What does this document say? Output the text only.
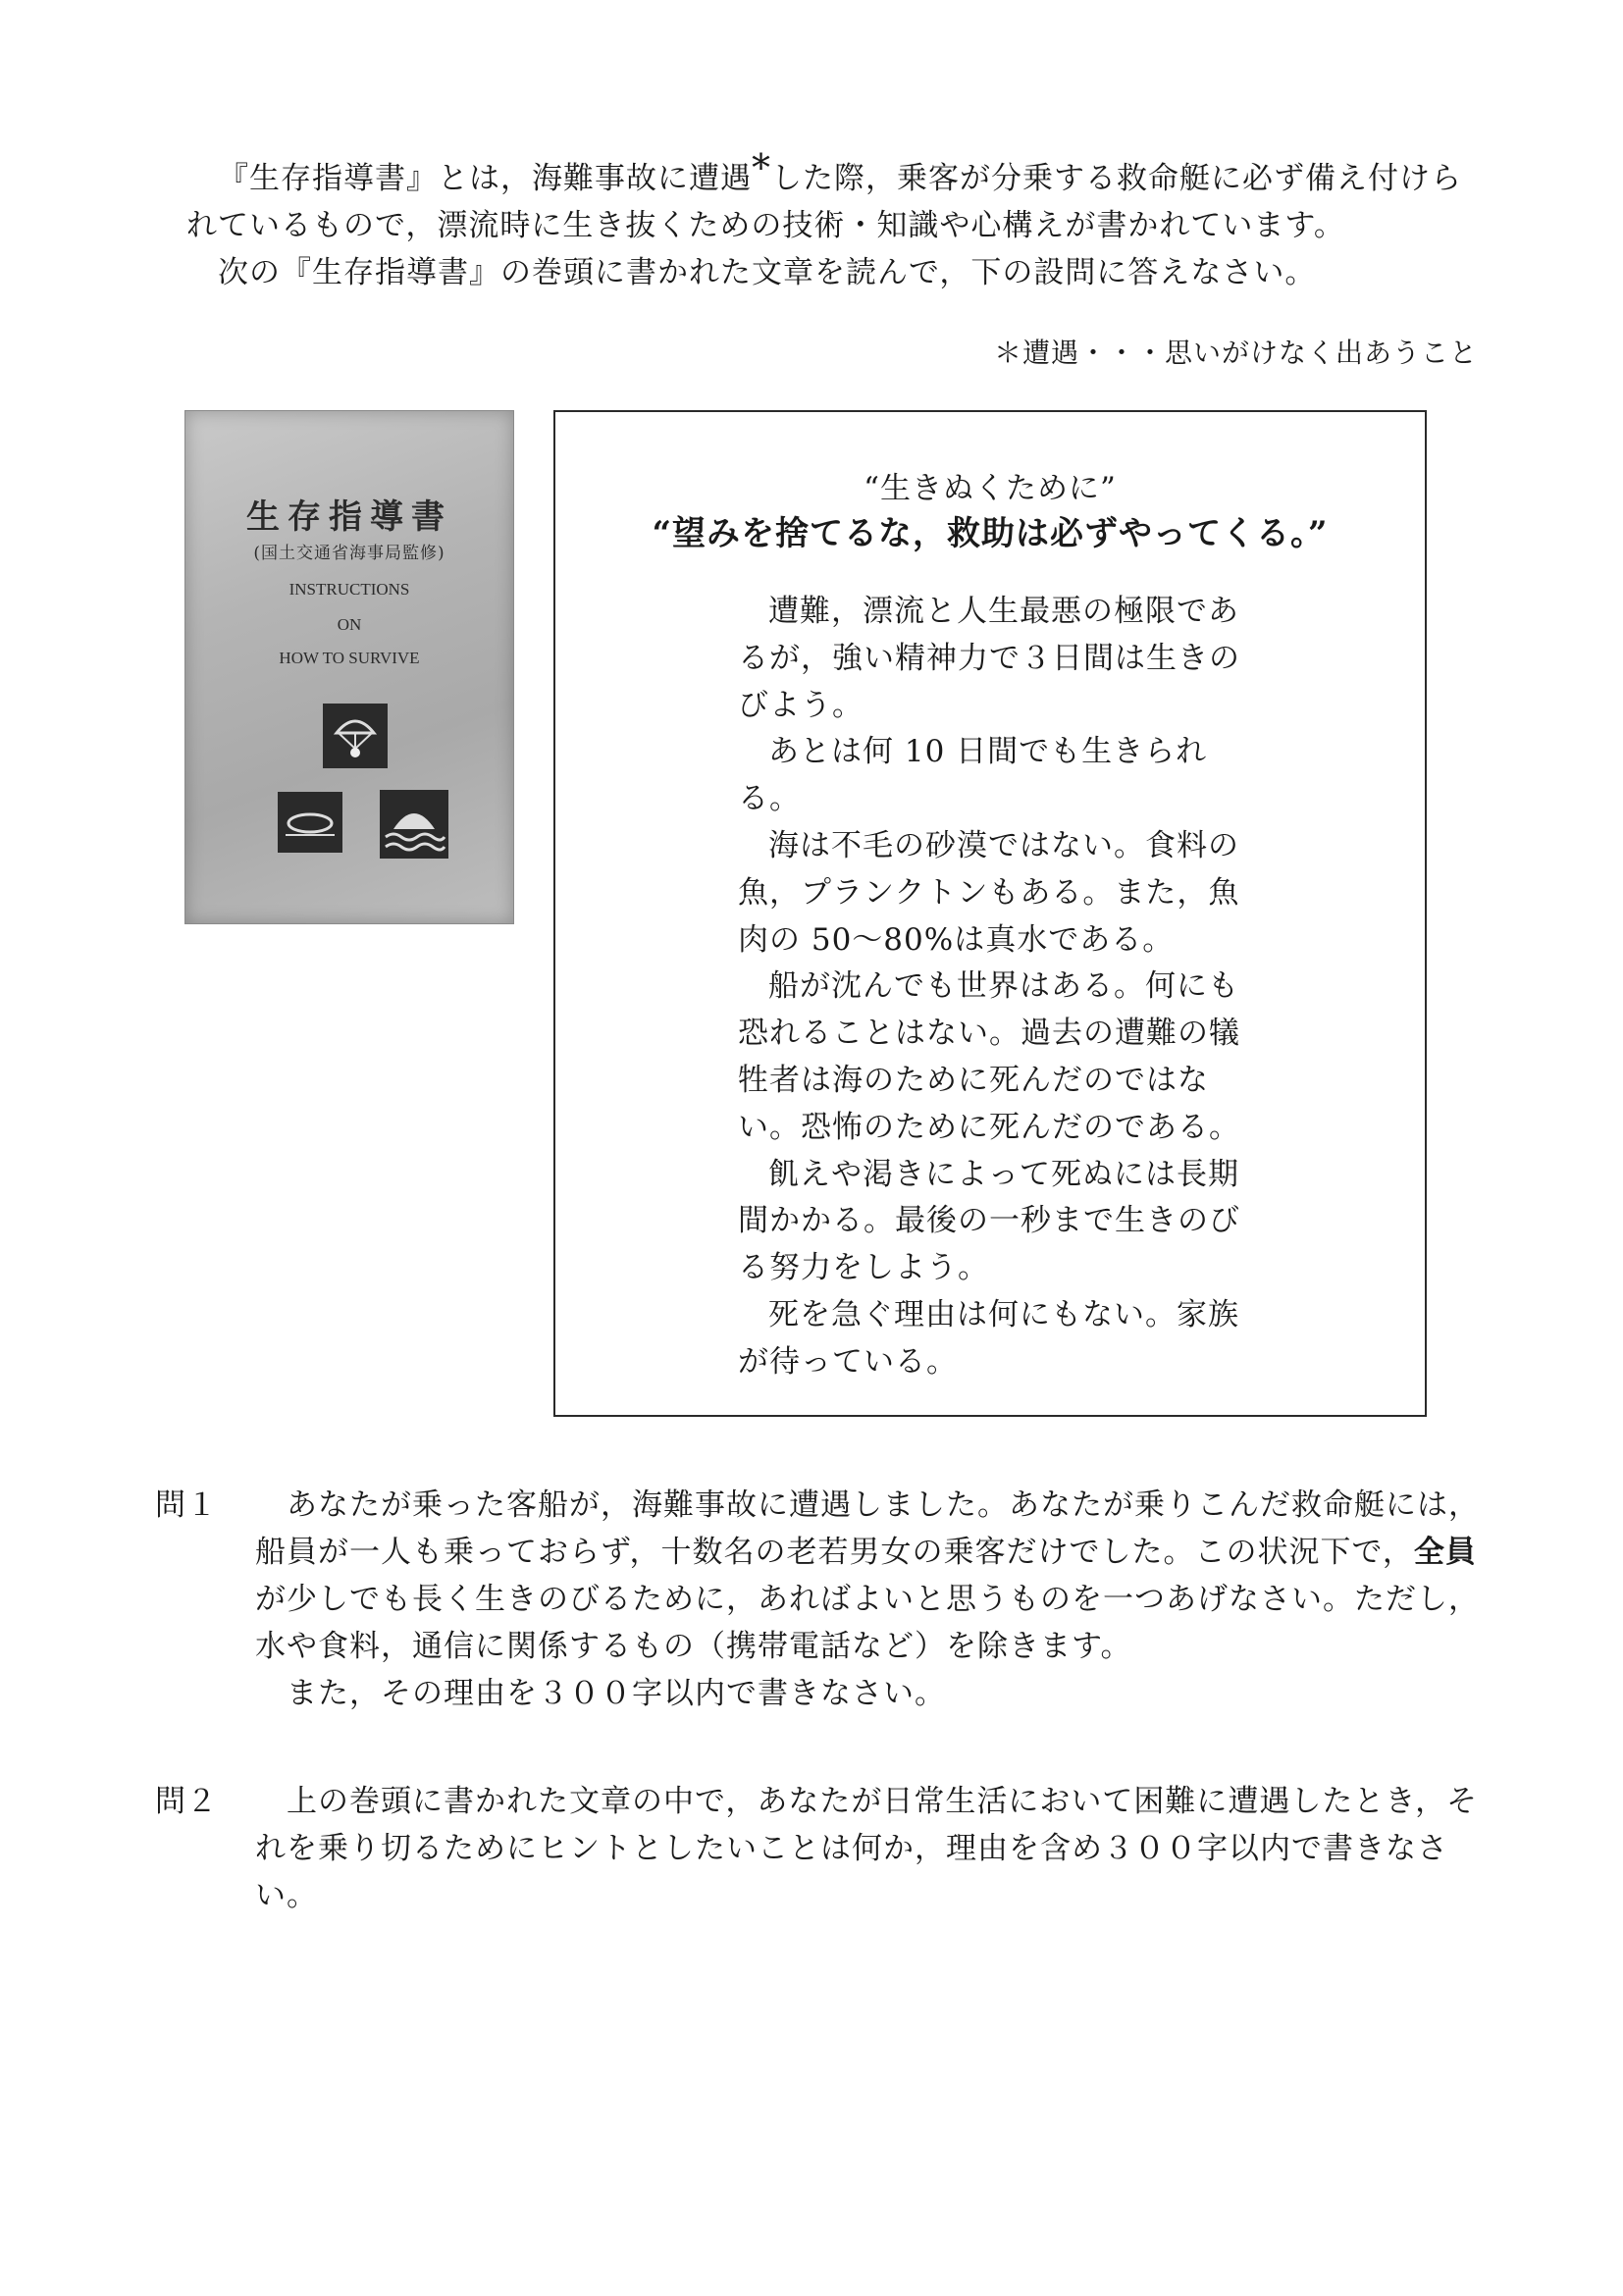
『生存指導書』とは，海難事故に遭遇*した際，乗客が分乗する救命艇に必ず備え付けられているもので，漂流時に生き抜くための技術・知識や心構えが書かれています。

次の『生存指導書』の巻頭に書かれた文章を読んで，下の設問に答えなさい。

＊遭遇・・・思いがけなく出あうこと
生存指導書
(国土交通省海事局監修)
INSTRUCTIONS
ON
HOW TO SURVIVE
“生きぬくために”
“望みを捨てるな，救助は必ずやってくる。”

遭難，漂流と人生最悪の極限であるが，強い精神力で３日間は生きのびよう。

あとは何 10 日間でも生きられる。

海は不毛の砂漠ではない。食料の魚，プランクトンもある。また，魚肉の 50〜80%は真水である。

船が沈んでも世界はある。何にも恐れることはない。過去の遭難の犠牲者は海のために死んだのではない。恐怖のために死んだのである。

飢えや渇きによって死ぬには長期間かかる。最後の一秒まで生きのびる努力をしよう。

死を急ぐ理由は何にもない。家族が待っている。

問１	あなたが乗った客船が，海難事故に遭遇しました。あなたが乗りこんだ救命艇には，船員が一人も乗っておらず，十数名の老若男女の乗客だけでした。この状況下で，全員が少しでも長く生きのびるために，あればよいと思うものを一つあげなさい。ただし，水や食料，通信に関係するもの（携帯電話など）を除きます。

また，その理由を３００字以内で書きなさい。

問２	上の巻頭に書かれた文章の中で，あなたが日常生活において困難に遭遇したとき，それを乗り切るためにヒントとしたいことは何か，理由を含め３００字以内で書きなさい。
